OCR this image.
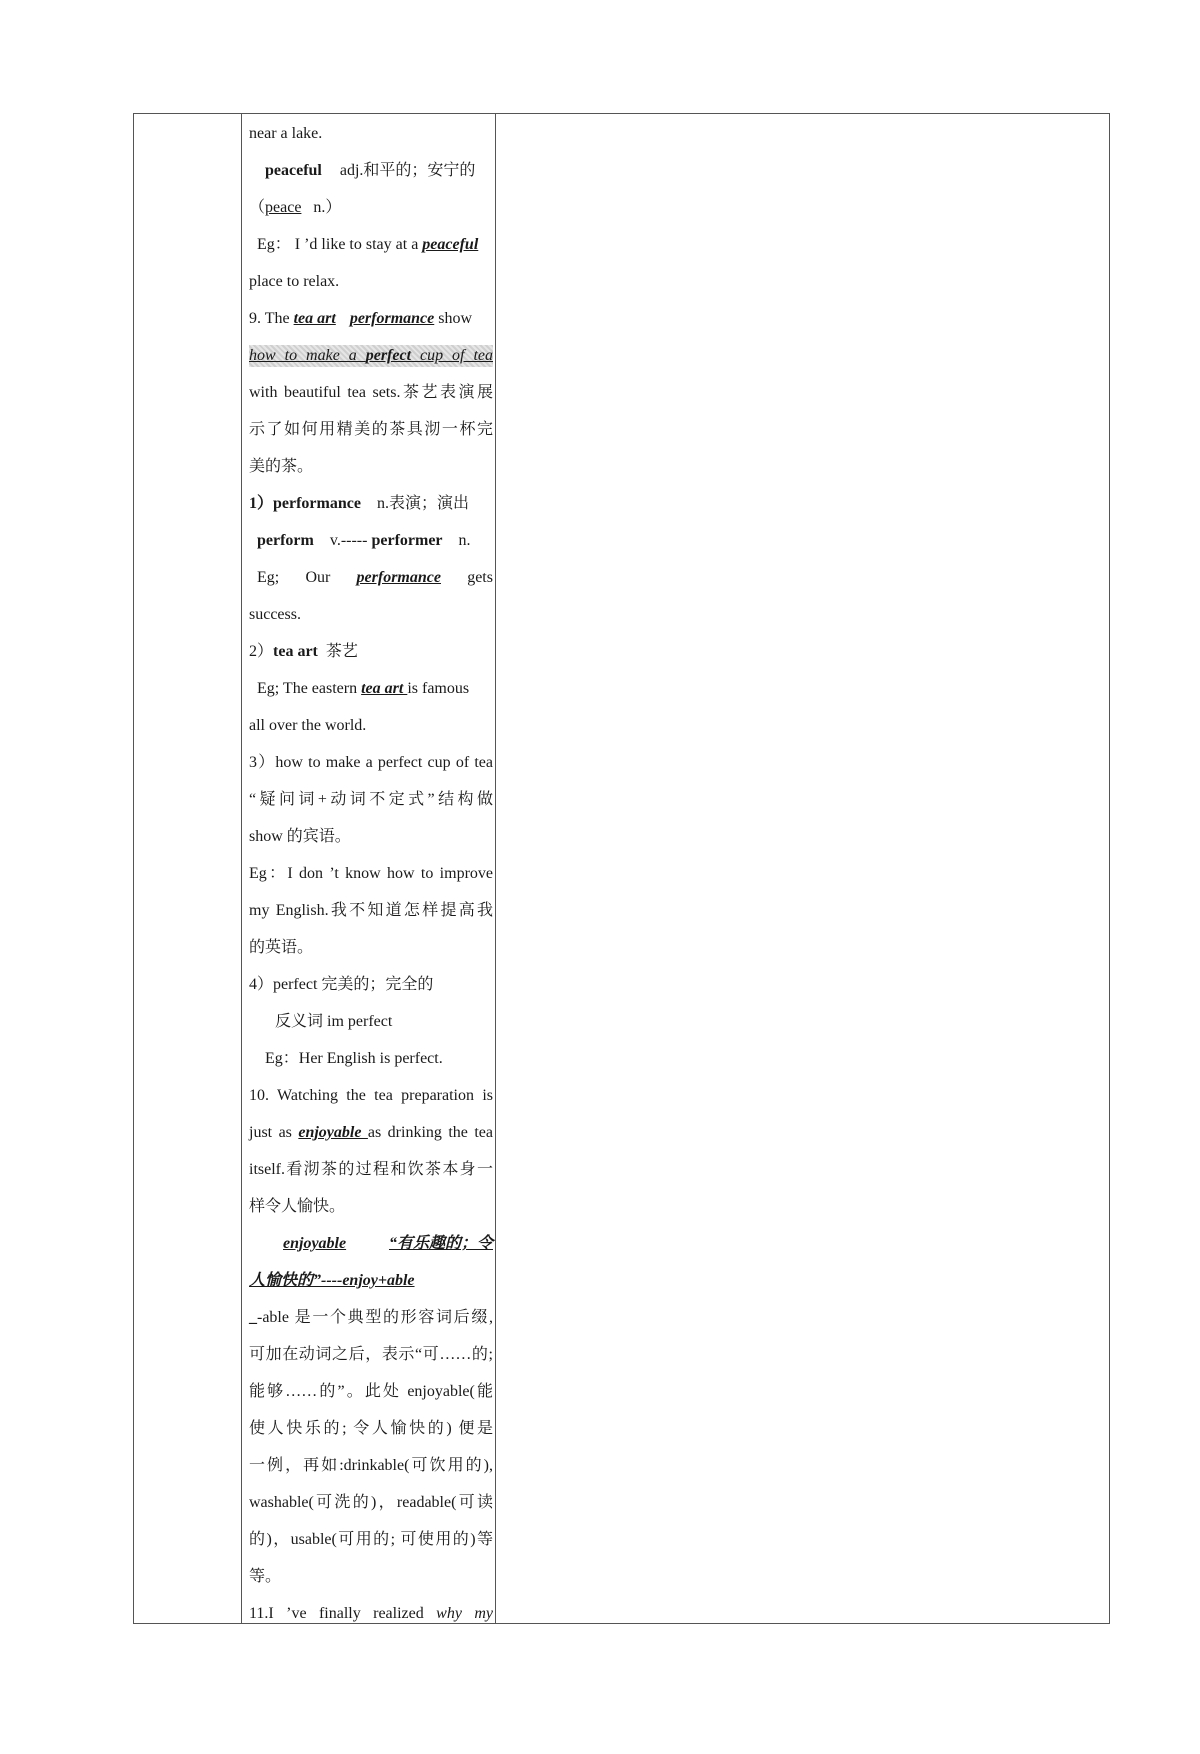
near a lake.
peaceful adj.和平的；安宁的
（peace n.）
Eg： I ’d like to stay at a peaceful
place to relax.
9. The tea art performance show
how to make a perfect cup of tea
with beautiful tea sets.茶艺表演展
示了如何用精美的茶具沏一杯完
美的茶。
1）performance n.表演；演出
perform v.----- performer n.
Eg; Our performance gets
success.
2）tea art 茶艺
Eg; The eastern tea art is famous
all over the world.
3）how to make a perfect cup of tea
“疑问词+动词不定式”结构做
show 的宾语。
Eg：I don ’t know how to improve
my English.我不知道怎样提高我
的英语。
4）perfect 完美的；完全的
反义词 im perfect
Eg：Her English is perfect.
10. Watching the tea preparation is
just as enjoyable as drinking the tea
itself.看沏茶的过程和饮茶本身一
样令人愉快。
enjoyable	“有乐趣的；令
人愉快的”----enjoy+able
_-able 是一个典型的形容词后缀,
可加在动词之后，表示“可……的;
能够……的”。此处 enjoyable(能
使人快乐的; 令人愉快的) 便是
一例，再如:drinkable(可饮用的),
washable(可洗的)，readable(可读
的)，usable(可用的; 可使用的)等
等。
11.I ’ve finally realized why my
